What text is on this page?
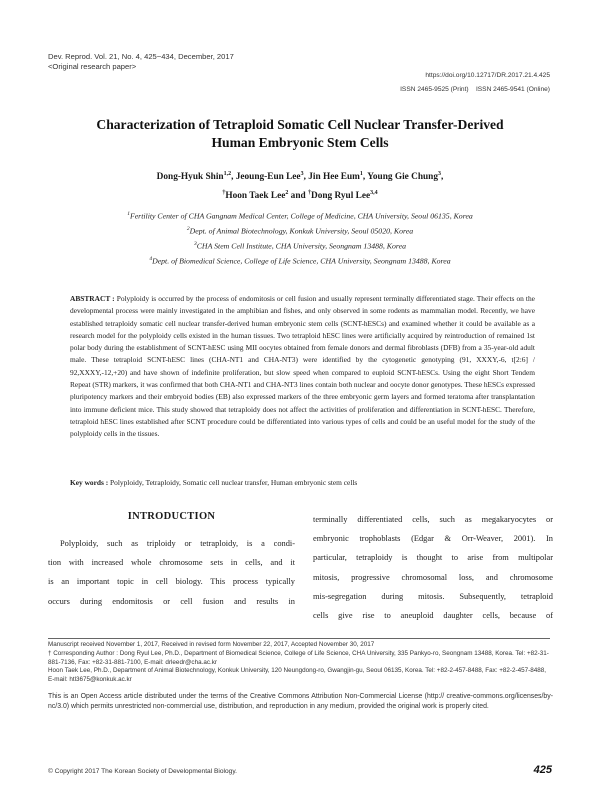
Dev. Reprod. Vol. 21, No. 4, 425~434, December, 2017
<Original research paper>
https://doi.org/10.12717/DR.2017.21.4.425
ISSN 2465-9525 (Print)    ISSN 2465-9541 (Online)
Characterization of Tetraploid Somatic Cell Nuclear Transfer-Derived
Human Embryonic Stem Cells
Dong-Hyuk Shin$^{1,2}$, Jeoung-Eun Lee$^3$, Jin Hee Eum$^1$, Young Gie Chung$^3$,
†Hoon Taek Lee$^2$ and †Dong Ryul Lee$^{3,4}$
$^1$Fertility Center of CHA Gangnam Medical Center, College of Medicine, CHA University, Seoul 06135, Korea
$^2$Dept. of Animal Biotechnology, Konkuk University, Seoul 05020, Korea
$^3$CHA Stem Cell Institute, CHA University, Seongnam 13488, Korea
$^4$Dept. of Biomedical Science, College of Life Science, CHA University, Seongnam 13488, Korea
ABSTRACT : Polyploidy is occurred by the process of endomitosis or cell fusion and usually represent terminally differentiated stage. Their effects on the developmental process were mainly investigated in the amphibian and fishes, and only observed in some rodents as mammalian model. Recently, we have established tetraploidy somatic cell nuclear transfer-derived human embryonic stem cells (SCNT-hESCs) and examined whether it could be available as a research model for the polyploidy cells existed in the human tissues. Two tetraploid hESC lines were artificially acquired by reintroduction of remained 1st polar body during the establishment of SCNT-hESC using MII oocytes obtained from female donors and dermal fibroblasts (DFB) from a 35-year-old adult male. These tetraploid SCNT-hESC lines (CHA-NT1 and CHA-NT3) were identified by the cytogenetic genotyping (91, XXXY,-6, t[2:6] / 92,XXXY,-12,+20) and have shown of indefinite proliferation, but slow speed when compared to euploid SCNT-hESCs. Using the eight Short Tendem Repeat (STR) markers, it was confirmed that both CHA-NT1 and CHA-NT3 lines contain both nuclear and oocyte donor genotypes. These hESCs expressed pluripotency markers and their embryoid bodies (EB) also expressed markers of the three embryonic germ layers and formed teratoma after transplantation into immune deficient mice. This study showed that tetraploidy does not affect the activities of proliferation and differentiation in SCNT-hESC. Therefore, tetraploid hESC lines established after SCNT procedure could be differentiated into various types of cells and could be an useful model for the study of the polyploidy cells in the tissues.
Key words : Polyploidy, Tetraploidy, Somatic cell nuclear transfer, Human embryonic stem cells
INTRODUCTION
Polyploidy, such as triploidy or tetraploidy, is a condi-
tion with increased whole chromosome sets in cells, and it
is an important topic in cell biology. This process typically
occurs during endomitosis or cell fusion and results in
terminally differentiated cells, such as megakaryocytes or
embryonic trophoblasts (Edgar & Orr-Weaver, 2001). In
particular, tetraploidy is thought to arise from multipolar
mitosis, progressive chromosomal loss, and chromosome
mis-segregation during mitosis. Subsequently, tetraploid
cells give rise to aneuploid daughter cells, because of
Manuscript received November 1, 2017, Received in revised form November 22, 2017, Accepted November 30, 2017
† Corresponding Author : Dong Ryul Lee, Ph.D., Department of Biomedical Science, College of Life Science, CHA University, 335 Pankyo-ro, Seongnam 13488, Korea. Tel: +82-31-881-7136, Fax: +82-31-881-7100, E-mail: drleedr@cha.ac.kr
Hoon Taek Lee, Ph.D., Department of Animal Biotechnology, Konkuk University, 120 Neungdong-ro, Gwangjin-gu, Seoul 06135, Korea. Tel: +82-2-457-8488, Fax: +82-2-457-8488, E-mail: htl3675@konkuk.ac.kr
This is an Open Access article distributed under the terms of the Creative Commons Attribution Non-Commercial License (http:// creative-commons.org/licenses/by-nc/3.0) which permits unrestricted non-commercial use, distribution, and reproduction in any medium, provided the original work is properly cited.
© Copyright 2017 The Korean Society of Developmental Biology.	425
